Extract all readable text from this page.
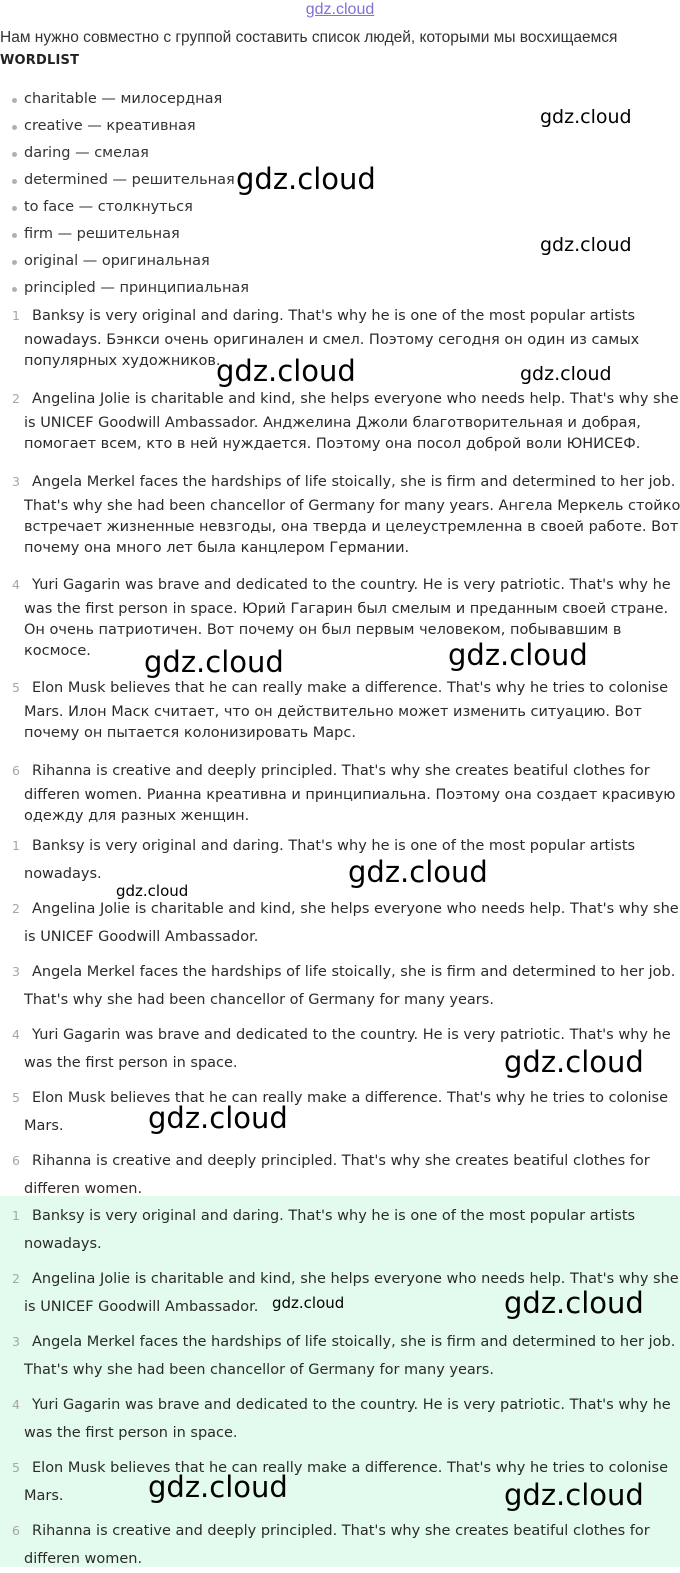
gdz.cloud
Нам нужно совместно с группой составить список людей, которыми мы восхищаемся
WORDLIST
charitable — милосердная
creative — креативная
daring — смелая
determined — решительная
to face — столкнуться
firm — решительная
original — оригинальная
principled — принципиальная
1 Banksy is very original and daring. That's why he is one of the most popular artists
nowadays. Бэнкси очень оригинален и смел. Поэтому сегодня он один из самых
популярных художников.
2 Angelina Jolie is charitable and kind, she helps everyone who needs help. That's why she
is UNICEF Goodwill Ambassador. Анджелина Джоли благотворительная и добрая,
помогает всем, кто в ней нуждается. Поэтому она посол доброй воли ЮНИСЕФ.
3 Angela Merkel faces the hardships of life stoically, she is firm and determined to her job.
That's why she had been chancellor of Germany for many years. Ангела Меркель стойко
встречает жизненные невзгоды, она тверда и целеустремленна в своей работе. Вот
почему она много лет была канцлером Германии.
4 Yuri Gagarin was brave and dedicated to the country. He is very patriotic. That's why he
was the first person in space. Юрий Гагарин был смелым и преданным своей стране.
Он очень патриотичен. Вот почему он был первым человеком, побывавшим в
космосе.
5 Elon Musk believes that he can really make a difference. That's why he tries to colonise
Mars. Илон Маск считает, что он действительно может изменить ситуацию. Вот
почему он пытается колонизировать Марс.
6 Rihanna is creative and deeply principled. That's why she creates beatiful clothes for
differen women. Рианна креативна и принципиальна. Поэтому она создает красивую
одежду для разных женщин.
1 Banksy is very original and daring. That's why he is one of the most popular artists
nowadays.
2 Angelina Jolie is charitable and kind, she helps everyone who needs help. That's why she
is UNICEF Goodwill Ambassador.
3 Angela Merkel faces the hardships of life stoically, she is firm and determined to her job.
That's why she had been chancellor of Germany for many years.
4 Yuri Gagarin was brave and dedicated to the country. He is very patriotic. That's why he
was the first person in space.
5 Elon Musk believes that he can really make a difference. That's why he tries to colonise
Mars.
6 Rihanna is creative and deeply principled. That's why she creates beatiful clothes for
differen women.
1 Banksy is very original and daring. That's why he is one of the most popular artists
nowadays.
2 Angelina Jolie is charitable and kind, she helps everyone who needs help. That's why she
is UNICEF Goodwill Ambassador.
3 Angela Merkel faces the hardships of life stoically, she is firm and determined to her job.
That's why she had been chancellor of Germany for many years.
4 Yuri Gagarin was brave and dedicated to the country. He is very patriotic. That's why he
was the first person in space.
5 Elon Musk believes that he can really make a difference. That's why he tries to colonise
Mars.
6 Rihanna is creative and deeply principled. That's why she creates beatiful clothes for
differen women.
gdz.cloud
gdz.cloud
gdz.cloud
gdz.cloud	gdz.cloud
gdz.cloud	gdz.cloud
gdz.cloud
gdz.cloud
gdz.cloud
gdz.cloud
gdz.cloud	gdz.cloud
gdz.cloud	gdz.cloud
